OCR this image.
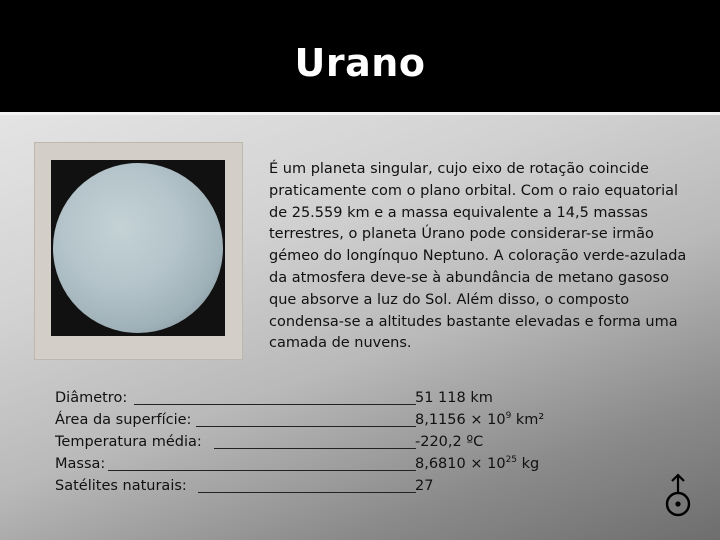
Urano
É um planeta singular, cujo eixo de rotação coincide praticamente com o plano orbital. Com o raio equatorial de 25.559 km e a massa equivalente a 14,5 massas terrestres, o planeta Úrano pode considerar-se irmão gémeo do longínquo Neptuno. A coloração verde-azulada da atmosfera deve-se à abundância de metano gasoso que absorve a luz do Sol. Além disso, o composto condensa-se a altitudes bastante elevadas e forma uma camada de nuvens.
Diâmetro:	51 118 km
Área da superfície:	$8,1156 \times 10^9$ km²
Temperatura média:	-220,2 ºC
Massa:	$8,6810 \times 10^{25}$ kg
Satélites naturais:	27
